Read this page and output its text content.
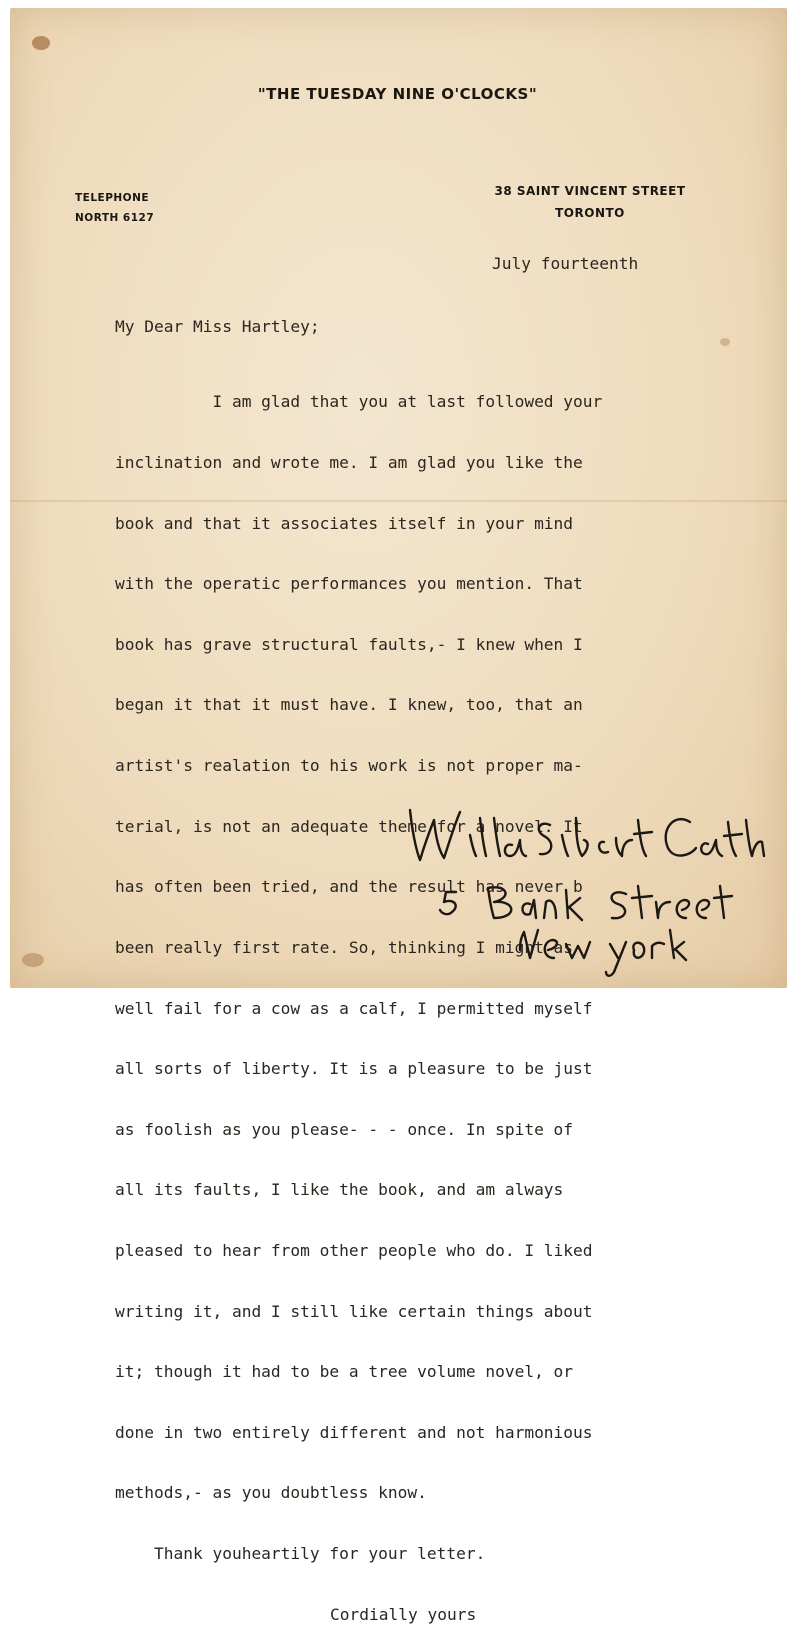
"THE TUESDAY NINE O'CLOCKS"
TELEPHONE
NORTH 6127
38 SAINT VINCENT STREET
TORONTO
July fourteenth
My Dear Miss Hartley;

I am glad that you at last followed your

inclination and wrote me. I am glad you like the

book and that it associates itself in your mind

with the operatic performances you mention. That

book has grave structural faults,- I knew when I

began it that it must have. I knew, too, that an

artist's realation to his work is not proper ma-

terial, is not an adequate theme for a novel. It

has often been tried, and the result has never b

been really first rate. So, thinking I might as

well fail for a cow as a calf, I permitted myself

all sorts of liberty. It is a pleasure to be just

as foolish as you please- - - once. In spite of

all its faults, I like the book, and am always

pleased to hear from other people who do. I liked

writing it, and I still like certain things about

it; though it had to be a tree volume novel, or

done in two entirely different and not harmonious

methods,- as you doubtless know.

Thank youheartily for your letter.

Cordially yours
